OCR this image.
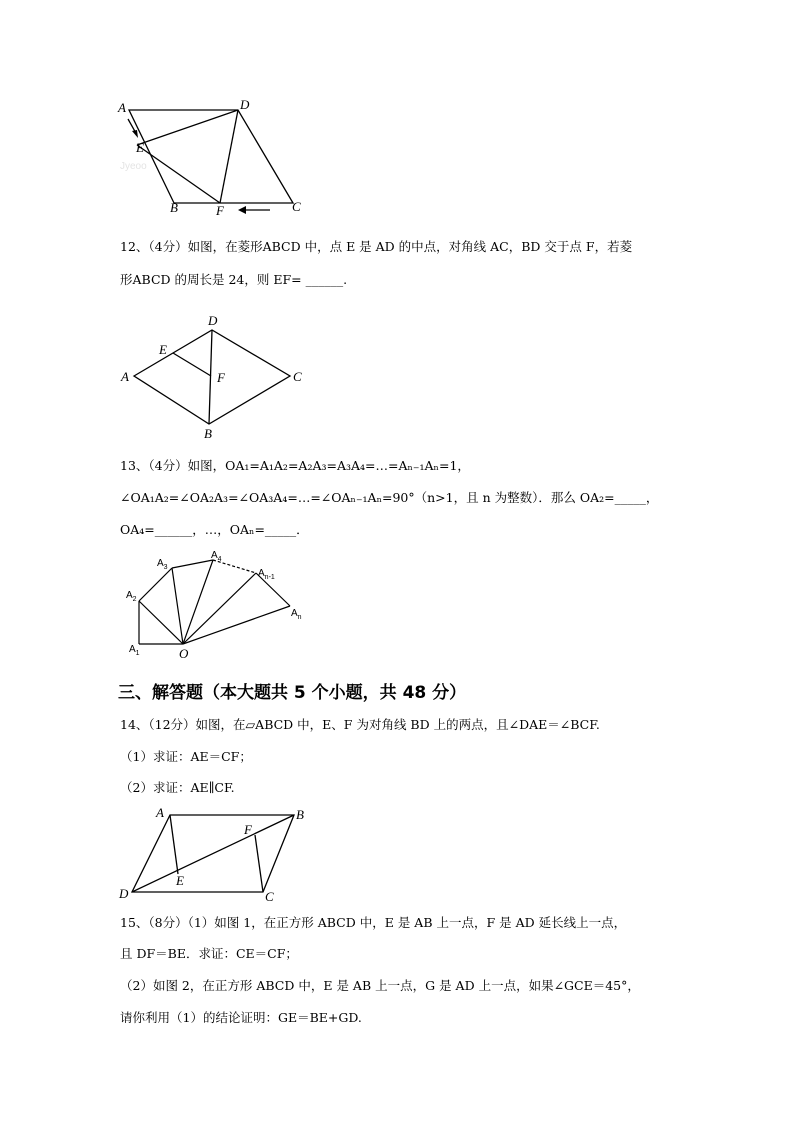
Jyeoo
A	D
E
B	F	C
12、（4分）如图，在菱形ABCD 中，点 E 是 AD 的中点，对角线 AC，BD 交于点 F，若菱
形ABCD 的周长是 24，则 EF= ______.
A
D
E
F	C
B
13、（4分）如图，OA₁=A₁A₂=A₂A₃=A₃A₄=…=Aₙ₋₁Aₙ=1，
∠OA₁A₂=∠OA₂A₃=∠OA₃A₄=…=∠OAₙ₋₁Aₙ=90°（n>1，且 n 为整数）．那么 OA₂=_____，
OA₄=______，…，OAₙ=_____．
$A_1$
$A_2$
$A_3$
$A_4$
$A_{n-1}$
$A_n$
O
三、解答题（本大题共 5 个小题，共 48 分）
14、（12分）如图，在▱ABCD 中，E、F 为对角线 BD 上的两点，且∠DAE＝∠BCF.
（1）求证：AE＝CF；
（2）求证：AE∥CF.
A	B
F
E
D	C
15、（8分）（1）如图 1，在正方形 ABCD 中，E 是 AB 上一点，F 是 AD 延长线上一点，
且 DF＝BE．求证：CE＝CF；
（2）如图 2，在正方形 ABCD 中，E 是 AB 上一点，G 是 AD 上一点，如果∠GCE＝45°，
请你利用（1）的结论证明：GE＝BE+GD.
